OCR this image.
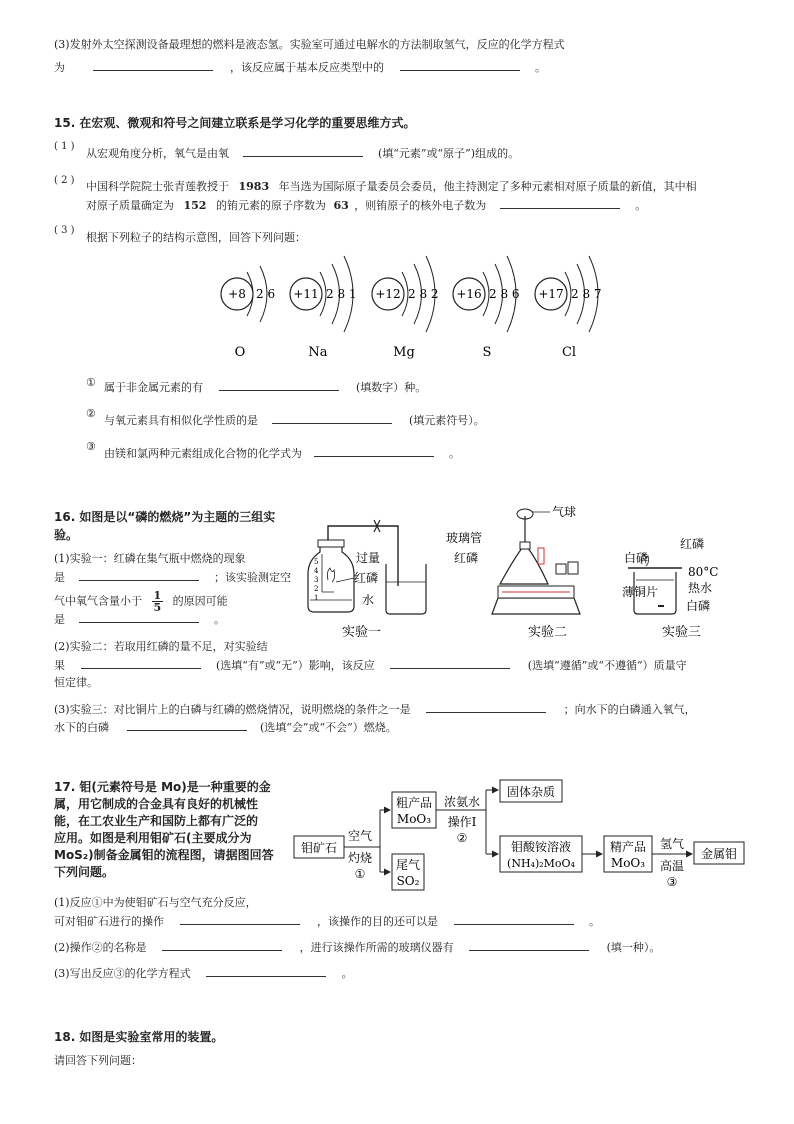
(3)发射外太空探测设备最理想的燃料是液态氢。实验室可通过电解水的方法制取氢气，反应的化学方程式
为	，该反应属于基本反应类型中的	。
15. 在宏观、微观和符号之间建立联系是学习化学的重要思维方式。
( 1 )
从宏观角度分析，氧气是由氧	(填“元素”或“原子”)组成的。
( 2 ) 中国科学院院士张青莲教授于 1983 年当选为国际原子量委员会委员，他主持测定了多种元素相对原子质量的新值，其中相
对原子质量确定为 152 的铕元素的原子序数为 63 ，则铕原子的核外电子数为	。
( 3 )
根据下列粒子的结构示意图，回答下列问题：
+8 2 6
O
+11 2 8 1
Na
+12 2 8 2
Mg
+16 2 8 6
S
+17 2 8 7
Cl
① 属于非金属元素的有	(填数字）种。
②
与氧元素具有相似化学性质的是	(填元素符号）。
③
由镁和氯两种元素组成化合物的化学式为	。
16. 如图是以“磷的燃烧”为主题的三组实
验。
(1)实验一：红磷在集气瓶中燃烧的现象
是	；该实验测定空
气中氧气含量小于 $\frac{1}{5}$ 的原因可能
是	。
5
4
3
2
1
过量
红磷
水
实验一
气球
玻璃管
红磷
实验二
白磷
红磷
薄铜片
80°C
热水
白磷
实验三
(2)实验二：若取用红磷的量不足，对实验结
果	(选填“有”或“无”）影响，该反应	(选填“遵循”或“不遵循”）质量守
恒定律。
(3)实验三：对比铜片上的白磷与红磷的燃烧情况，说明燃烧的条件之一是	；向水下的白磷通入氧气，
水下的白磷	(选填“会”或“不会”）燃烧。
17. 钼(元素符号是 Mo)是一种重要的金
属，用它制成的合金具有良好的机械性
能，在工农业生产和国防上都有广泛的
应用。如图是利用钼矿石(主要成分为
MoS₂)制备金属钼的流程图，请据图回答
下列问题。
钼矿石
空气
灼烧
①
粗产品
MoO₃
尾气
SO₂
浓氨水
操作I
②
固体杂质
钼酸铵溶液
(NH₄)₂MoO₄
精产品
MoO₃
氢气
高温
③
金属钼
(1)反应①中为使钼矿石与空气充分反应，
可对钼矿石进行的操作	，该操作的目的还可以是	。
(2)操作②的名称是	，进行该操作所需的玻璃仪器有	(填一种）。
(3)写出反应③的化学方程式	。
18. 如图是实验室常用的装置。
请回答下列问题：
